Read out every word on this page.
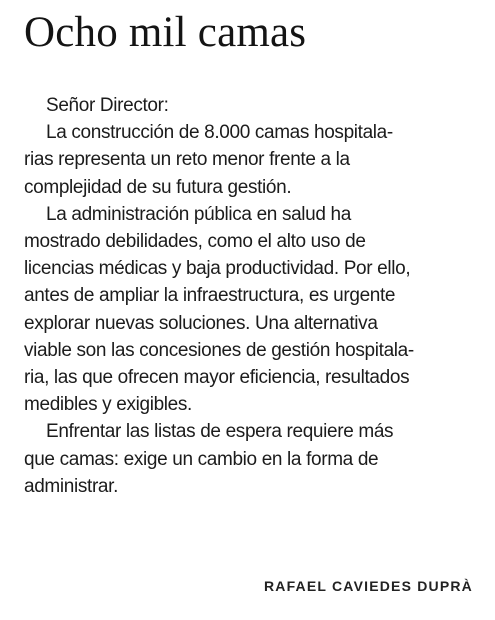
Ocho mil camas
Señor Director:
La construcción de 8.000 camas hospitala-
rias representa un reto menor frente a la
complejidad de su futura gestión.
La administración pública en salud ha
mostrado debilidades, como el alto uso de
licencias médicas y baja productividad. Por ello,
antes de ampliar la infraestructura, es urgente
explorar nuevas soluciones. Una alternativa
viable son las concesiones de gestión hospitala-
ria, las que ofrecen mayor eficiencia, resultados
medibles y exigibles.
Enfrentar las listas de espera requiere más
que camas: exige un cambio en la forma de
administrar.
RAFAEL CAVIEDES DUPRÀ
